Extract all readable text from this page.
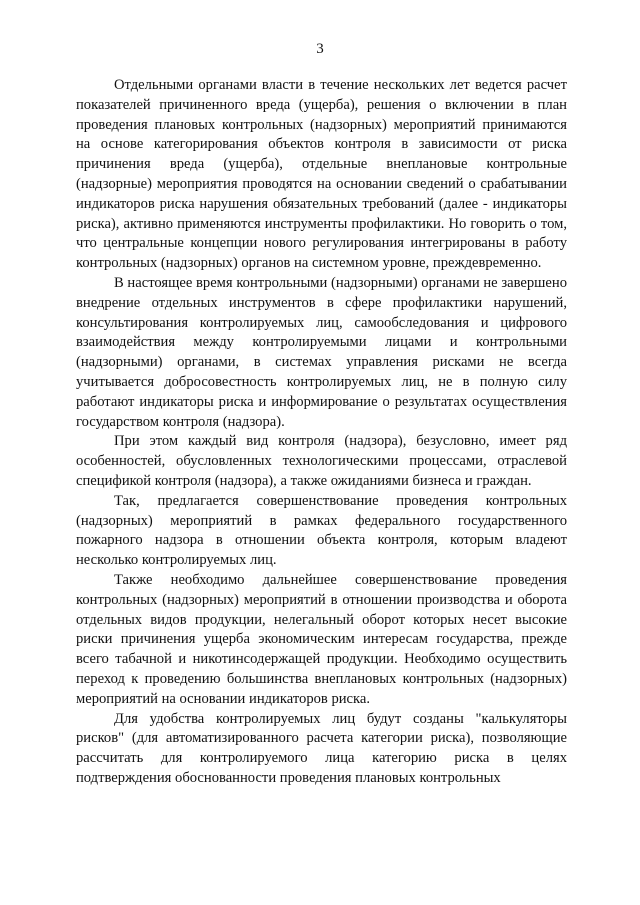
3

Отдельными органами власти в течение нескольких лет ведется расчет показателей причиненного вреда (ущерба), решения о включении в план проведения плановых контрольных (надзорных) мероприятий принимаются на основе категорирования объектов контроля в зависимости от риска причинения вреда (ущерба), отдельные внеплановые контрольные (надзорные) мероприятия проводятся на основании сведений о срабатывании индикаторов риска нарушения обязательных требований (далее - индикаторы риска), активно применяются инструменты профилактики. Но говорить о том, что центральные концепции нового регулирования интегрированы в работу контрольных (надзорных) органов на системном уровне, преждевременно.

В настоящее время контрольными (надзорными) органами не завершено внедрение отдельных инструментов в сфере профилактики нарушений, консультирования контролируемых лиц, самообследования и цифрового взаимодействия между контролируемыми лицами и контрольными (надзорными) органами, в системах управления рисками не всегда учитывается добросовестность контролируемых лиц, не в полную силу работают индикаторы риска и информирование о результатах осуществления государством контроля (надзора).

При этом каждый вид контроля (надзора), безусловно, имеет ряд особенностей, обусловленных технологическими процессами, отраслевой спецификой контроля (надзора), а также ожиданиями бизнеса и граждан.

Так, предлагается совершенствование проведения контрольных (надзорных) мероприятий в рамках федерального государственного пожарного надзора в отношении объекта контроля, которым владеют несколько контролируемых лиц.

Также необходимо дальнейшее совершенствование проведения контрольных (надзорных) мероприятий в отношении производства и оборота отдельных видов продукции, нелегальный оборот которых несет высокие риски причинения ущерба экономическим интересам государства, прежде всего табачной и никотинсодержащей продукции. Необходимо осуществить переход к проведению большинства внеплановых контрольных (надзорных) мероприятий на основании индикаторов риска.

Для удобства контролируемых лиц будут созданы "калькуляторы рисков" (для автоматизированного расчета категории риска), позволяющие рассчитать для контролируемого лица категорию риска в целях подтверждения обоснованности проведения плановых контрольных
